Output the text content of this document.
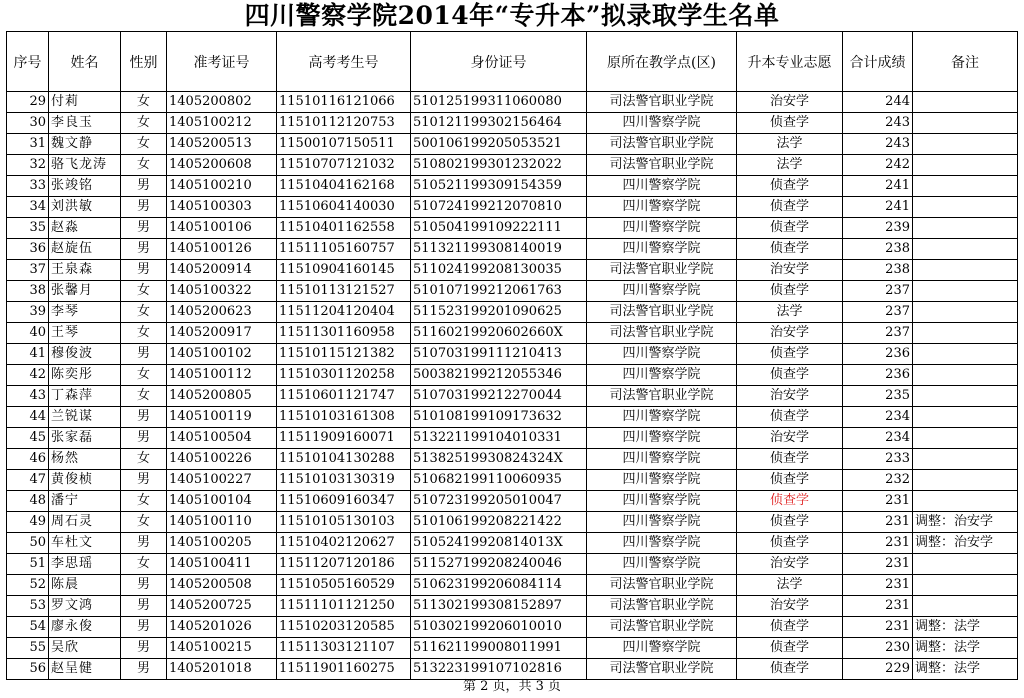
四川警察学院2014年“专升本”拟录取学生名单
序号	姓名	性别	准考证号	高考考生号	身份证号	原所在教学点(区)	升本专业志愿	合计成绩	备注
29	付莉	女	1405200802	11510116121066	510125199311060080	司法警官职业学院	治安学	244	
30	李良玉	女	1405100212	11510112120753	510121199302156464	四川警察学院	侦查学	243	
31	魏文静	女	1405200513	11500107150511	500106199205053521	司法警官职业学院	法学	243	
32	骆飞龙涛	女	1405200608	11510707121032	510802199301232022	司法警官职业学院	法学	242	
33	张竣铭	男	1405100210	11510404162168	510521199309154359	四川警察学院	侦查学	241	
34	刘洪敏	男	1405100303	11510604140030	510724199212070810	四川警察学院	侦查学	241	
35	赵淼	男	1405100106	11510401162558	510504199109222111	四川警察学院	侦查学	239	
36	赵旋伍	男	1405100126	11511105160757	511321199308140019	四川警察学院	侦查学	238	
37	王泉森	男	1405200914	11510904160145	511024199208130035	司法警官职业学院	治安学	238	
38	张馨月	女	1405100322	11510113121527	510107199212061763	四川警察学院	侦查学	237	
39	李琴	女	1405200623	11511204120404	511523199201090625	司法警官职业学院	法学	237	
40	王琴	女	1405200917	11511301160958	51160219920602660X	司法警官职业学院	治安学	237	
41	穆俊波	男	1405100102	11510115121382	510703199111210413	四川警察学院	侦查学	236	
42	陈奕彤	女	1405100112	11510301120258	500382199212055346	四川警察学院	侦查学	236	
43	丁森萍	女	1405200805	11510601121747	510703199212270044	司法警官职业学院	治安学	235	
44	兰锐谋	男	1405100119	11510103161308	510108199109173632	四川警察学院	侦查学	234	
45	张家磊	男	1405100504	11511909160071	513221199104010331	四川警察学院	治安学	234	
46	杨然	女	1405100226	11510104130288	51382519930824324X	四川警察学院	侦查学	233	
47	黄俊桢	男	1405100227	11510103130319	510682199110060935	四川警察学院	侦查学	232	
48	潘宁	女	1405100104	11510609160347	510723199205010047	四川警察学院	侦查学	231	
49	周石灵	女	1405100110	11510105130103	510106199208221422	四川警察学院	侦查学	231	调整：治安学
50	车杜文	男	1405100205	11510402120627	51052419920814013X	四川警察学院	侦查学	231	调整：治安学
51	李思瑶	女	1405100411	11511207120186	511527199208240046	四川警察学院	治安学	231	
52	陈晨	男	1405200508	11510505160529	510623199206084114	司法警官职业学院	法学	231	
53	罗文鸿	男	1405200725	11511101121250	511302199308152897	司法警官职业学院	治安学	231	
54	廖永俊	男	1405201026	11510203120585	510302199206010010	司法警官职业学院	侦查学	231	调整：法学
55	吴欣	男	1405100215	11511303121107	511621199008011991	四川警察学院	侦查学	230	调整：法学
56	赵呈健	男	1405201018	11511901160275	513223199107102816	司法警官职业学院	侦查学	229	调整：法学
第 2 页，共 3 页
